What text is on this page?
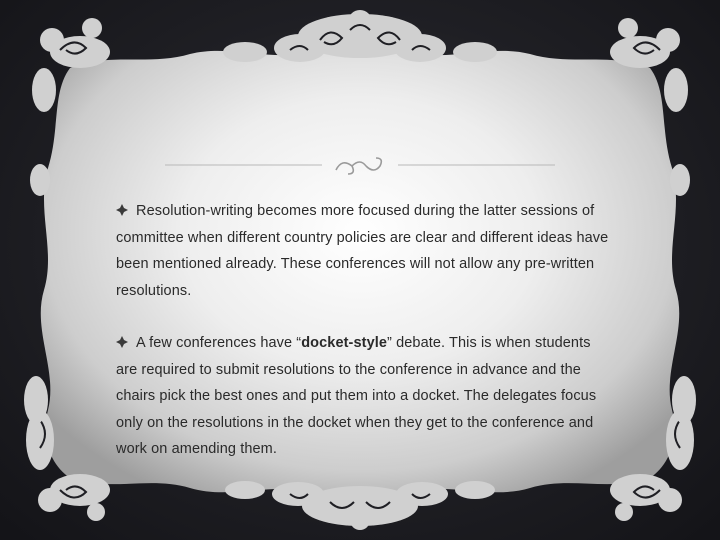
Resolution-writing becomes more focused during the latter sessions of committee when different country policies are clear and different ideas have been mentioned already. These conferences will not allow any pre-written resolutions.

A few conferences have “docket-style” debate. This is when students are required to submit resolutions to the conference in advance and the chairs pick the best ones and put them into a docket. The delegates focus only on the resolutions in the docket when they get to the conference and work on amending them.
